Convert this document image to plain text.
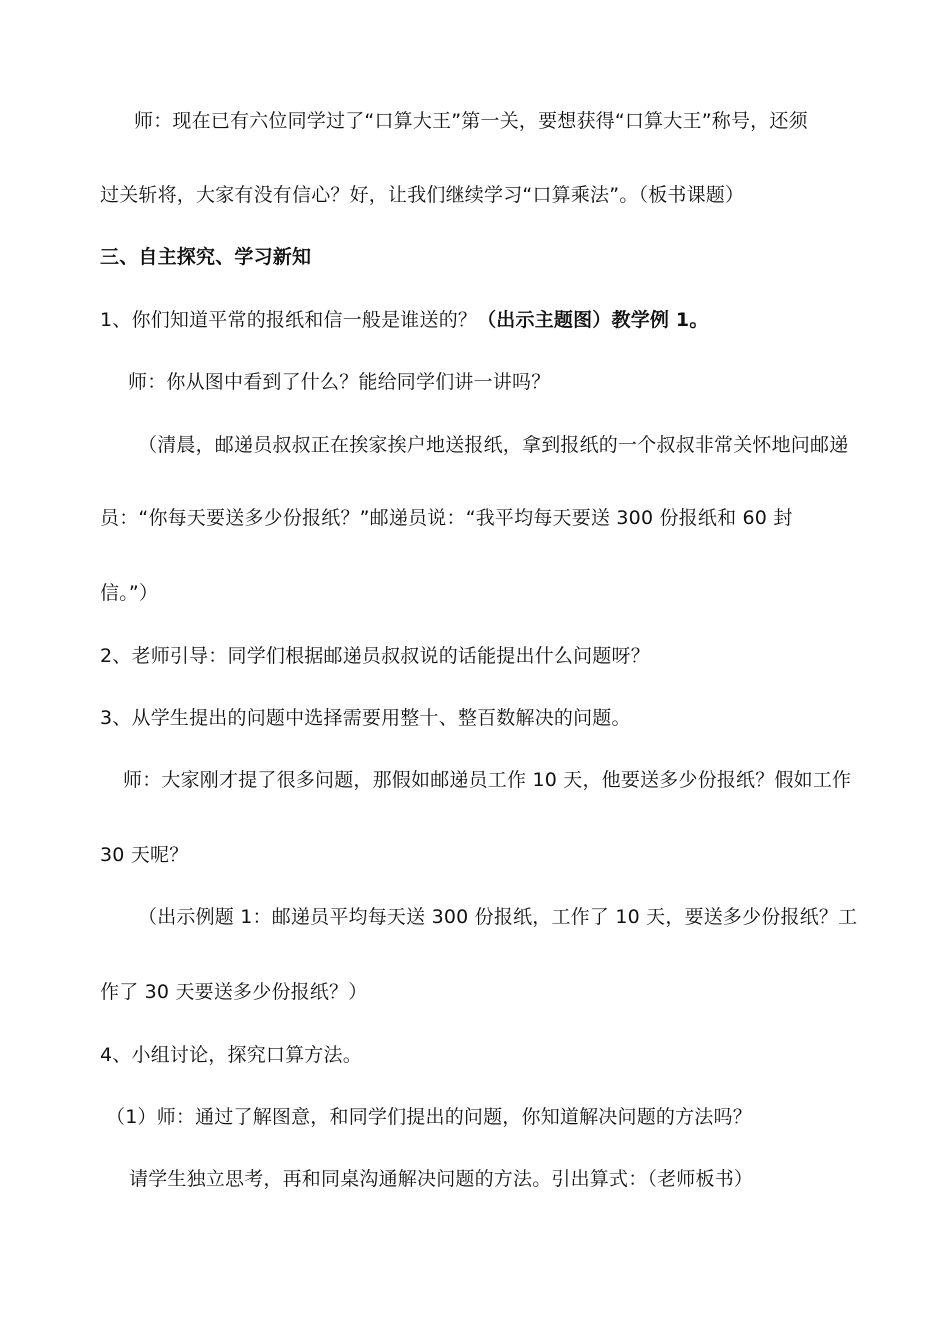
师：现在已有六位同学过了“口算大王”第一关，要想获得“口算大王”称号，还须
过关斩将，大家有没有信心？好，让我们继续学习“口算乘法”。（板书课题）
三、自主探究、学习新知
1、你们知道平常的报纸和信一般是谁送的？（出示主题图）教学例 1。
师：你从图中看到了什么？能给同学们讲一讲吗？
（清晨，邮递员叔叔正在挨家挨户地送报纸，拿到报纸的一个叔叔非常关怀地问邮递
员：“你每天要送多少份报纸？”邮递员说：“我平均每天要送 300 份报纸和 60 封
信。”）
2、老师引导：同学们根据邮递员叔叔说的话能提出什么问题呀？
3、从学生提出的问题中选择需要用整十、整百数解决的问题。
师：大家刚才提了很多问题，那假如邮递员工作 10 天，他要送多少份报纸？假如工作
30 天呢？
（出示例题 1：邮递员平均每天送 300 份报纸，工作了 10 天，要送多少份报纸？工
作了 30 天要送多少份报纸？）
4、小组讨论，探究口算方法。
（1）师：通过了解图意，和同学们提出的问题，你知道解决问题的方法吗？
请学生独立思考，再和同桌沟通解决问题的方法。引出算式：（老师板书）
